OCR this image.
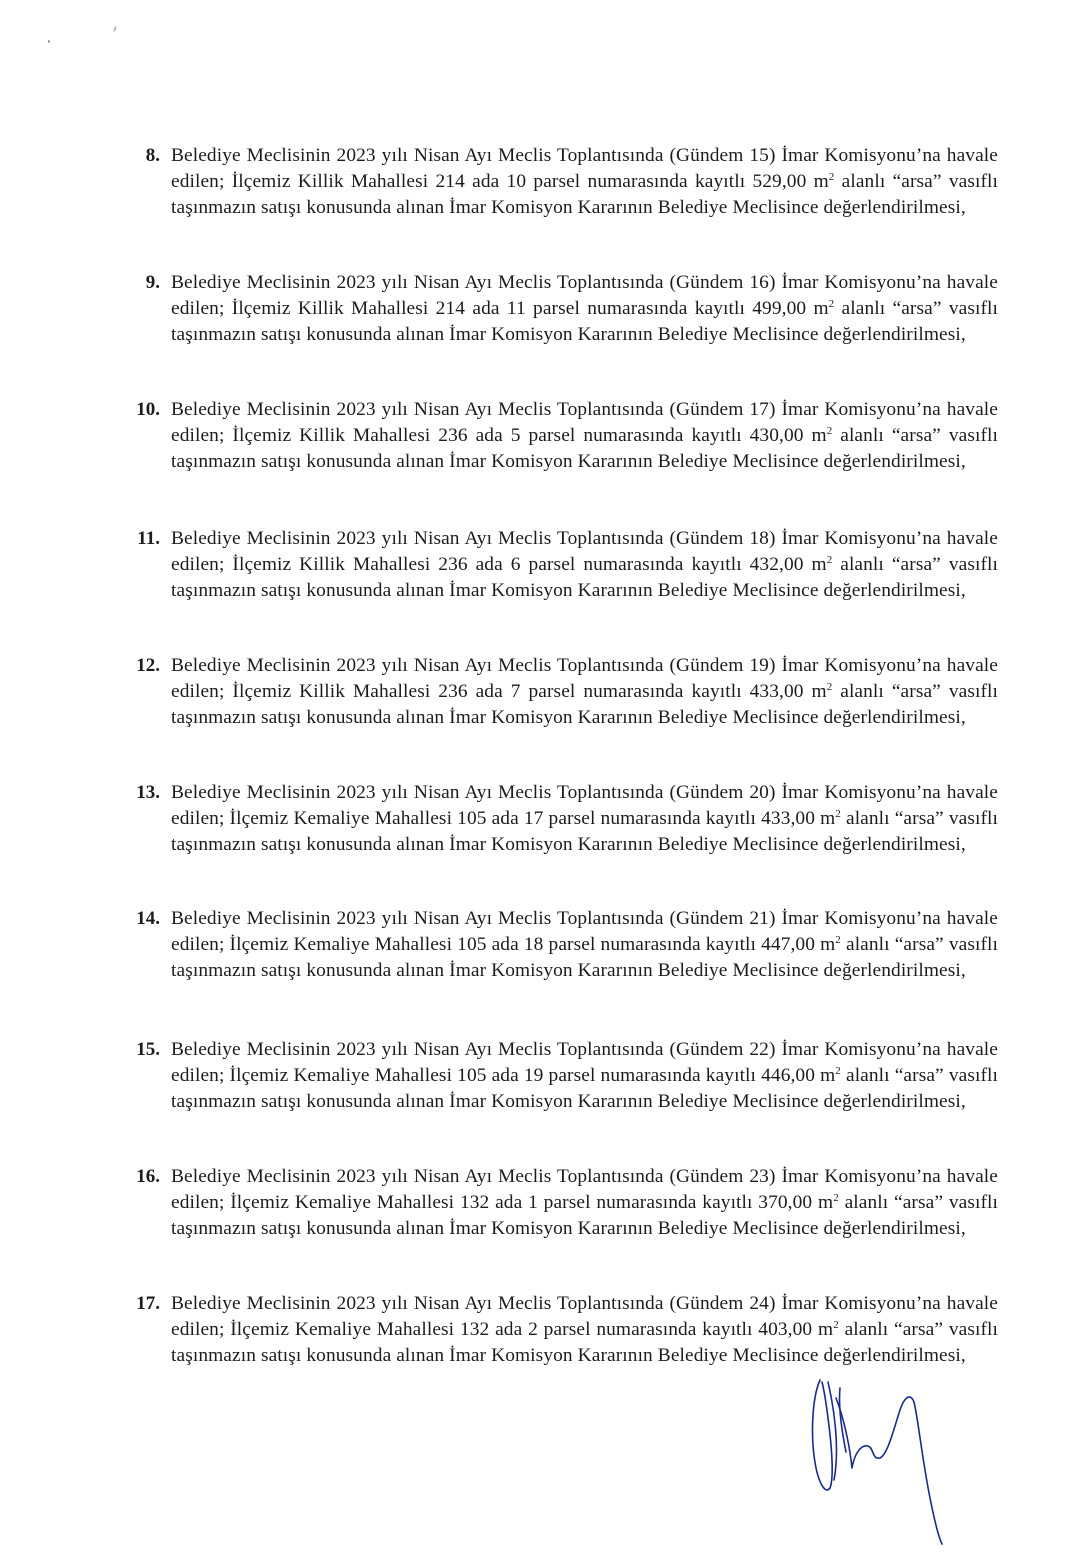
8. Belediye Meclisinin 2023 yılı Nisan Ayı Meclis Toplantısında (Gündem 15) İmar Komisyonu’na havale edilen; İlçemiz Killik Mahallesi 214 ada 10 parsel numarasında kayıtlı 529,00 $m^2$ alanlı “arsa” vasıflı taşınmazın satışı konusunda alınan İmar Komisyon Kararının Belediye Meclisince değerlendirilmesi,
9. Belediye Meclisinin 2023 yılı Nisan Ayı Meclis Toplantısında (Gündem 16) İmar Komisyonu’na havale edilen; İlçemiz Killik Mahallesi 214 ada 11 parsel numarasında kayıtlı 499,00 $m^2$ alanlı “arsa” vasıflı taşınmazın satışı konusunda alınan İmar Komisyon Kararının Belediye Meclisince değerlendirilmesi,
10. Belediye Meclisinin 2023 yılı Nisan Ayı Meclis Toplantısında (Gündem 17) İmar Komisyonu’na havale edilen; İlçemiz Killik Mahallesi 236 ada 5 parsel numarasında kayıtlı 430,00 $m^2$ alanlı “arsa” vasıflı taşınmazın satışı konusunda alınan İmar Komisyon Kararının Belediye Meclisince değerlendirilmesi,
11. Belediye Meclisinin 2023 yılı Nisan Ayı Meclis Toplantısında (Gündem 18) İmar Komisyonu’na havale edilen; İlçemiz Killik Mahallesi 236 ada 6 parsel numarasında kayıtlı 432,00 $m^2$ alanlı “arsa” vasıflı taşınmazın satışı konusunda alınan İmar Komisyon Kararının Belediye Meclisince değerlendirilmesi,
12. Belediye Meclisinin 2023 yılı Nisan Ayı Meclis Toplantısında (Gündem 19) İmar Komisyonu’na havale edilen; İlçemiz Killik Mahallesi 236 ada 7 parsel numarasında kayıtlı 433,00 $m^2$ alanlı “arsa” vasıflı taşınmazın satışı konusunda alınan İmar Komisyon Kararının Belediye Meclisince değerlendirilmesi,
13. Belediye Meclisinin 2023 yılı Nisan Ayı Meclis Toplantısında (Gündem 20) İmar Komisyonu’na havale edilen; İlçemiz Kemaliye Mahallesi 105 ada 17 parsel numarasında kayıtlı 433,00 $m^2$ alanlı “arsa” vasıflı taşınmazın satışı konusunda alınan İmar Komisyon Kararının Belediye Meclisince değerlendirilmesi,
14. Belediye Meclisinin 2023 yılı Nisan Ayı Meclis Toplantısında (Gündem 21) İmar Komisyonu’na havale edilen; İlçemiz Kemaliye Mahallesi 105 ada 18 parsel numarasında kayıtlı 447,00 $m^2$ alanlı “arsa” vasıflı taşınmazın satışı konusunda alınan İmar Komisyon Kararının Belediye Meclisince değerlendirilmesi,
15. Belediye Meclisinin 2023 yılı Nisan Ayı Meclis Toplantısında (Gündem 22) İmar Komisyonu’na havale edilen; İlçemiz Kemaliye Mahallesi 105 ada 19 parsel numarasında kayıtlı 446,00 $m^2$ alanlı “arsa” vasıflı taşınmazın satışı konusunda alınan İmar Komisyon Kararının Belediye Meclisince değerlendirilmesi,
16. Belediye Meclisinin 2023 yılı Nisan Ayı Meclis Toplantısında (Gündem 23) İmar Komisyonu’na havale edilen; İlçemiz Kemaliye Mahallesi 132 ada 1 parsel numarasında kayıtlı 370,00 $m^2$ alanlı “arsa” vasıflı taşınmazın satışı konusunda alınan İmar Komisyon Kararının Belediye Meclisince değerlendirilmesi,
17. Belediye Meclisinin 2023 yılı Nisan Ayı Meclis Toplantısında (Gündem 24) İmar Komisyonu’na havale edilen; İlçemiz Kemaliye Mahallesi 132 ada 2 parsel numarasında kayıtlı 403,00 $m^2$ alanlı “arsa” vasıflı taşınmazın satışı konusunda alınan İmar Komisyon Kararının Belediye Meclisince değerlendirilmesi,
